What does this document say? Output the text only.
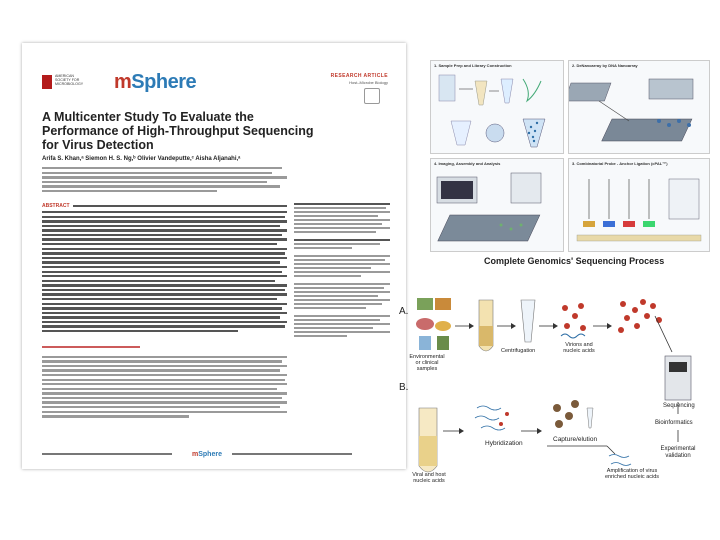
AMERICAN
SOCIETY FOR
MICROBIOLOGY	mSphere	RESEARCH ARTICLE
Host–Microbe Biology
A Multicenter Study To Evaluate the Performance of High-Throughput Sequencing for Virus Detection
Arifa S. Khan,ᵃ Siemon H. S. Ng,ᵇ Olivier Vandeputte,ᶜ Aisha Aljanahi,ᵃ
ABSTRACT
mSphere
1. Sample Prep and Library Construction	2. DeNanoarray by DNA Nanoarray
4. Imaging, Assembly and Analysis	3. Combinatorial Probe - Anchor Ligation (cPAL™)
Complete Genomics' Sequencing Process
A.
B.
Environmental or clinical samples
Centrifugation
Virions and nucleic acids
Hybridization
Capture/elution
Viral and host nucleic acids
Amplification of virus enriched nucleic acids
Sequencing
Bioinformatics
Experimental validation
